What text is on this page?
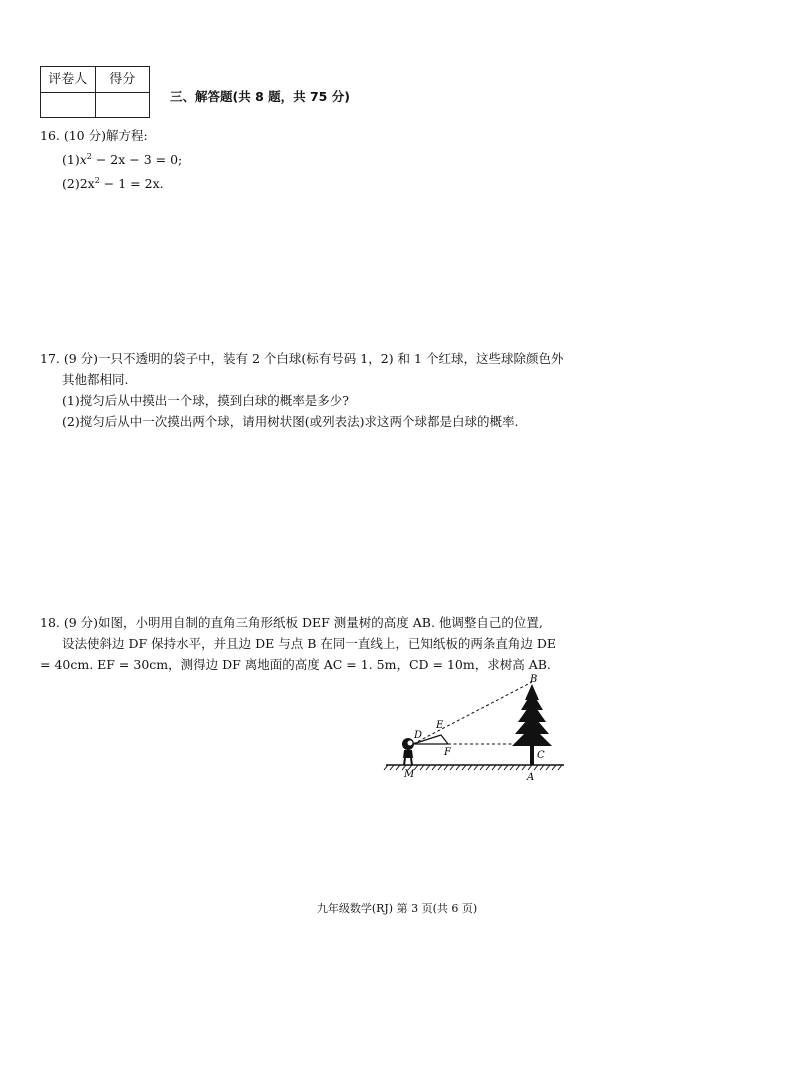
评卷人	得分
三、解答题(共 8 题，共 75 分)
16. (10 分)解方程:
$(1)x^2 - 2x - 3 = 0$;
$(2)2x^2 - 1 = 2x$.
17. (9 分)一只不透明的袋子中，装有 2 个白球(标有号码 1，2) 和 1 个红球，这些球除颜色外
其他都相同.
(1)搅匀后从中摸出一个球，摸到白球的概率是多少?
(2)搅匀后从中一次摸出两个球，请用树状图(或列表法)求这两个球都是白球的概率.
18. (9 分)如图，小明用自制的直角三角形纸板 DEF 测量树的高度 AB. 他调整自己的位置,
设法使斜边 DF 保持水平，并且边 DE 与点 B 在同一直线上，已知纸板的两条直角边 DE
= 40cm. EF = 30cm，测得边 DF 离地面的高度 AC = 1. 5m，CD = 10m，求树高 AB.
B
E
D
F	C
M	A
九年级数学(RJ) 第 3 页(共 6 页)
